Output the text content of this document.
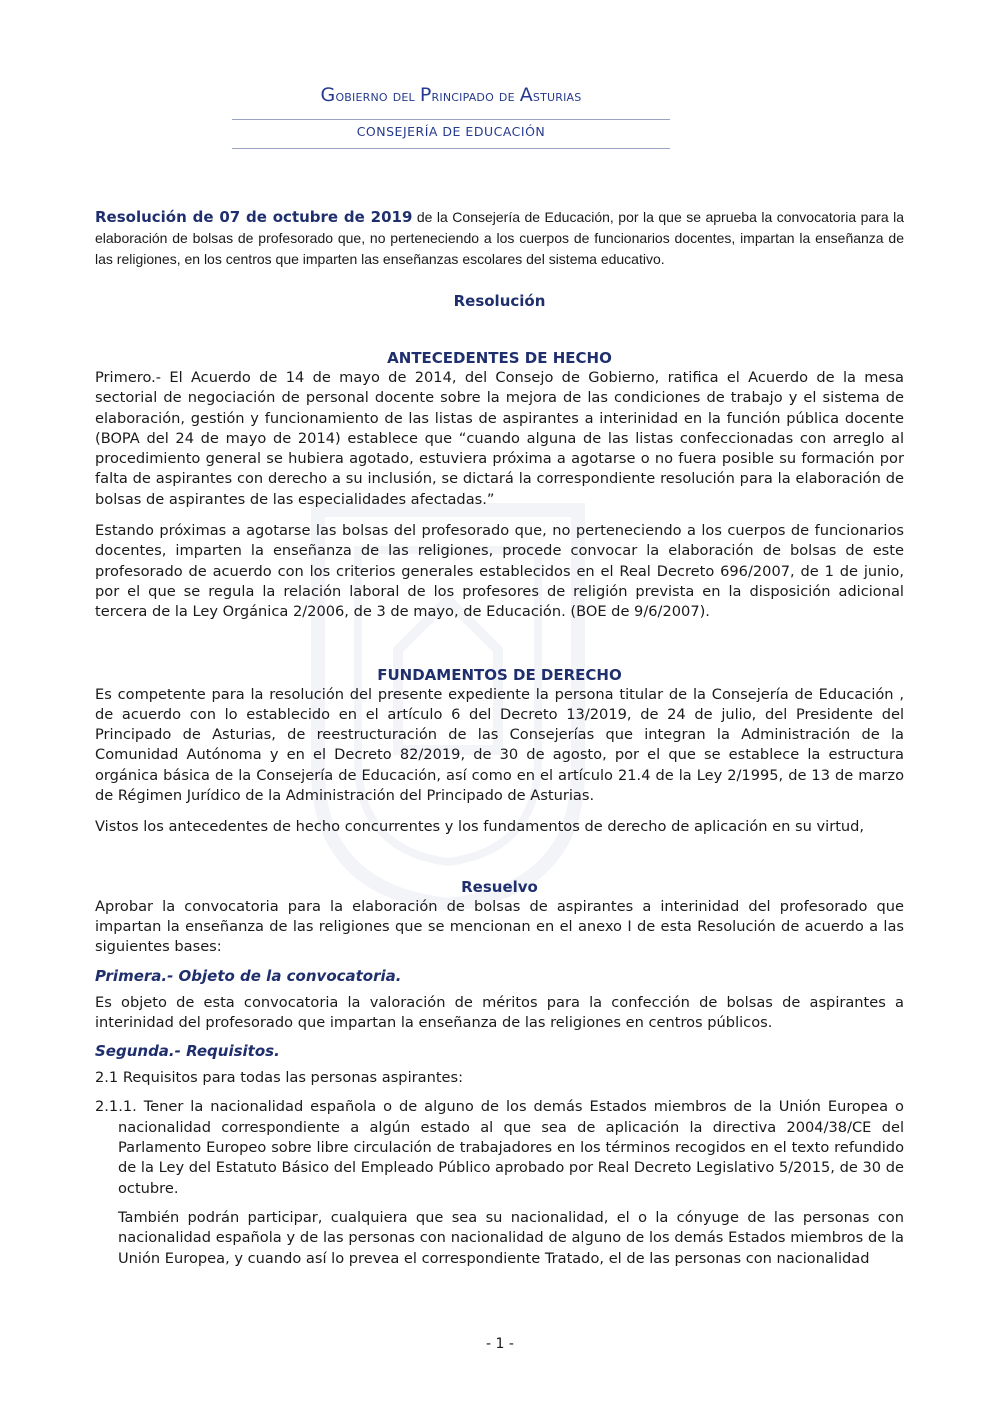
Gobierno del Principado de Asturias
CONSEJERÍA DE EDUCACIÓN

Resolución de 07 de octubre de 2019 de la Consejería de Educación, por la que se aprueba la convocatoria para la elaboración de bolsas de profesorado que, no perteneciendo a los cuerpos de funcionarios docentes, impartan la enseñanza de las religiones, en los centros que imparten las enseñanzas escolares del sistema educativo.

Resolución

ANTECEDENTES DE HECHO

Primero.- El Acuerdo de 14 de mayo de 2014, del Consejo de Gobierno, ratifica el Acuerdo de la mesa sectorial de negociación de personal docente sobre la mejora de las condiciones de trabajo y el sistema de elaboración, gestión y funcionamiento de las listas de aspirantes a interinidad en la función pública docente (BOPA del 24 de mayo de 2014) establece que “cuando alguna de las listas confeccionadas con arreglo al procedimiento general se hubiera agotado, estuviera próxima a agotarse o no fuera posible su formación por falta de aspirantes con derecho a su inclusión, se dictará la correspondiente resolución para la elaboración de bolsas de aspirantes de las especialidades afectadas.”

Estando próximas a agotarse las bolsas del profesorado que, no perteneciendo a los cuerpos de funcionarios docentes, imparten la enseñanza de las religiones, procede convocar la elaboración de bolsas de este profesorado de acuerdo con los criterios generales establecidos en el Real Decreto 696/2007, de 1 de junio, por el que se regula la relación laboral de los profesores de religión prevista en la disposición adicional tercera de la Ley Orgánica 2/2006, de 3 de mayo, de Educación. (BOE de 9/6/2007).

FUNDAMENTOS DE DERECHO

Es competente para la resolución del presente expediente la persona titular de la Consejería de Educación , de acuerdo con lo establecido en el artículo 6 del Decreto 13/2019, de 24 de julio, del Presidente del Principado de Asturias, de reestructuración de las Consejerías que integran la Administración de la Comunidad Autónoma y en el Decreto 82/2019, de 30 de agosto, por el que se establece la estructura orgánica básica de la Consejería de Educación, así como en el artículo 21.4 de la Ley 2/1995, de 13 de marzo de Régimen Jurídico de la Administración del Principado de Asturias.

Vistos los antecedentes de hecho concurrentes y los fundamentos de derecho de aplicación en su virtud,

Resuelvo

Aprobar la convocatoria para la elaboración de bolsas de aspirantes a interinidad del profesorado que impartan la enseñanza de las religiones que se mencionan en el anexo I de esta Resolución de acuerdo a las siguientes bases:

Primera.- Objeto de la convocatoria.

Es objeto de esta convocatoria la valoración de méritos para la confección de bolsas de aspirantes a interinidad del profesorado que impartan la enseñanza de las religiones en centros públicos.

Segunda.- Requisitos.

2.1 Requisitos para todas las personas aspirantes:

2.1.1. Tener la nacionalidad española o de alguno de los demás Estados miembros de la Unión Europea o nacionalidad correspondiente a algún estado al que sea de aplicación la directiva 2004/38/CE del Parlamento Europeo sobre libre circulación de trabajadores en los términos recogidos en el texto refundido de la Ley del Estatuto Básico del Empleado Público aprobado por Real Decreto Legislativo 5/2015, de 30 de octubre.

También podrán participar, cualquiera que sea su nacionalidad, el o la cónyuge de las personas con nacionalidad española y de las personas con nacionalidad de alguno de los demás Estados miembros de la Unión Europea, y cuando así lo prevea el correspondiente Tratado, el de las personas con nacionalidad

- 1 -
